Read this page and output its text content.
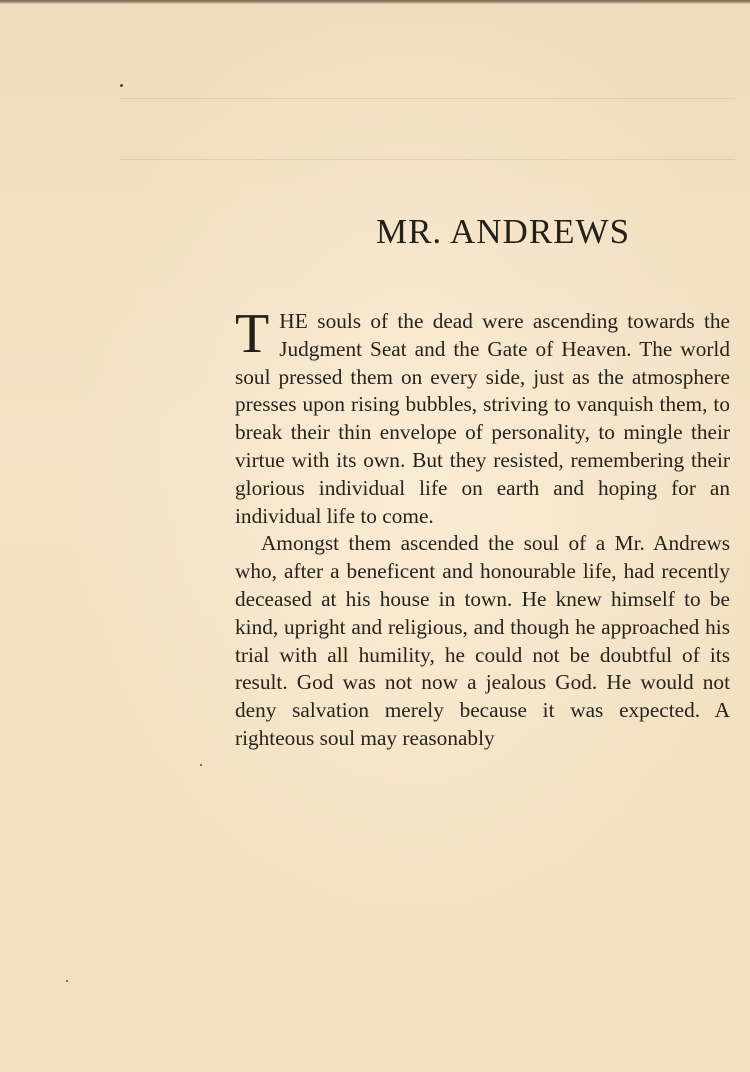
MR. ANDREWS

THE souls of the dead were ascending towards the Judgment Seat and the Gate of Heaven. The world soul pressed them on every side, just as the atmosphere presses upon rising bubbles, striving to vanquish them, to break their thin envelope of personality, to mingle their virtue with its own. But they resisted, remembering their glorious individual life on earth and hoping for an individual life to come.

Amongst them ascended the soul of a Mr. Andrews who, after a beneficent and honourable life, had recently deceased at his house in town. He knew himself to be kind, upright and religious, and though he approached his trial with all humility, he could not be doubtful of its result. God was not now a jealous God. He would not deny salvation merely because it was expected. A righteous soul may reasonably
